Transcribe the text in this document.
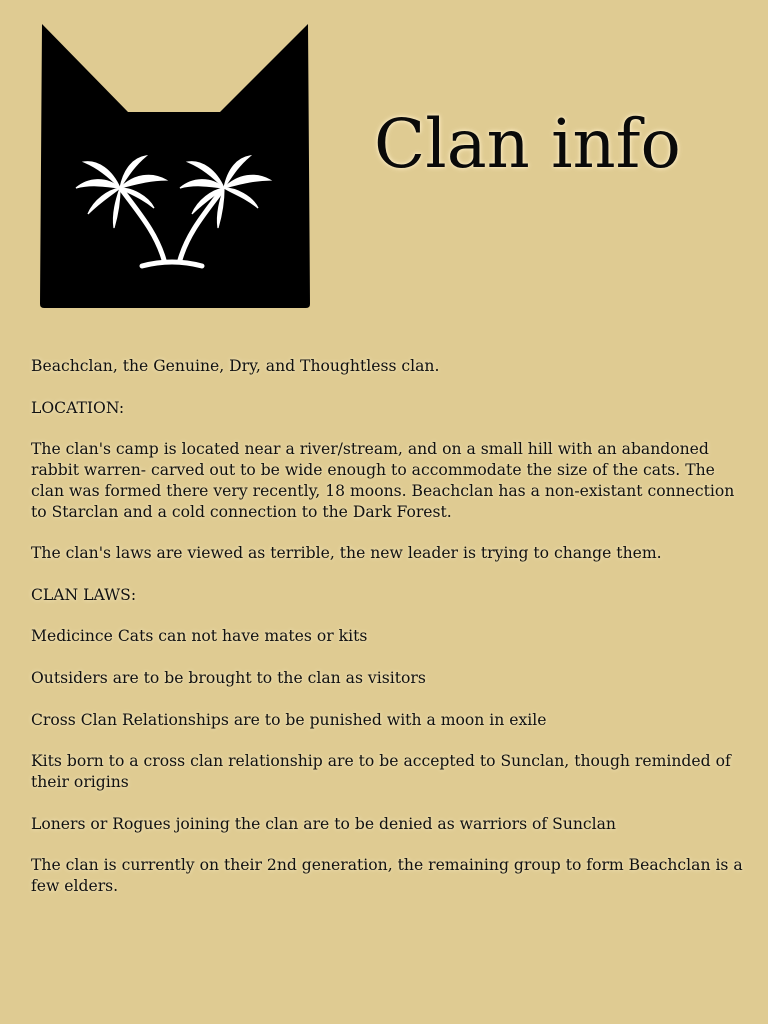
Clan info

Beachclan, the Genuine, Dry, and Thoughtless clan.

LOCATION:

The clan's camp is located near a river/stream, and on a small hill with an abandoned rabbit warren- carved out to be wide enough to accommodate the size of the cats. The clan was formed there very recently, 18 moons. Beachclan has a non-existant connection to Starclan and a cold connection to the Dark Forest.

The clan's laws are viewed as terrible, the new leader is trying to change them.

CLAN LAWS:

Medicince Cats can not have mates or kits

Outsiders are to be brought to the clan as visitors

Cross Clan Relationships are to be punished with a moon in exile

Kits born to a cross clan relationship are to be accepted to Sunclan, though reminded of their origins

Loners or Rogues joining the clan are to be denied as warriors of Sunclan

The clan is currently on their 2nd generation, the remaining group to form Beachclan is a few elders.
